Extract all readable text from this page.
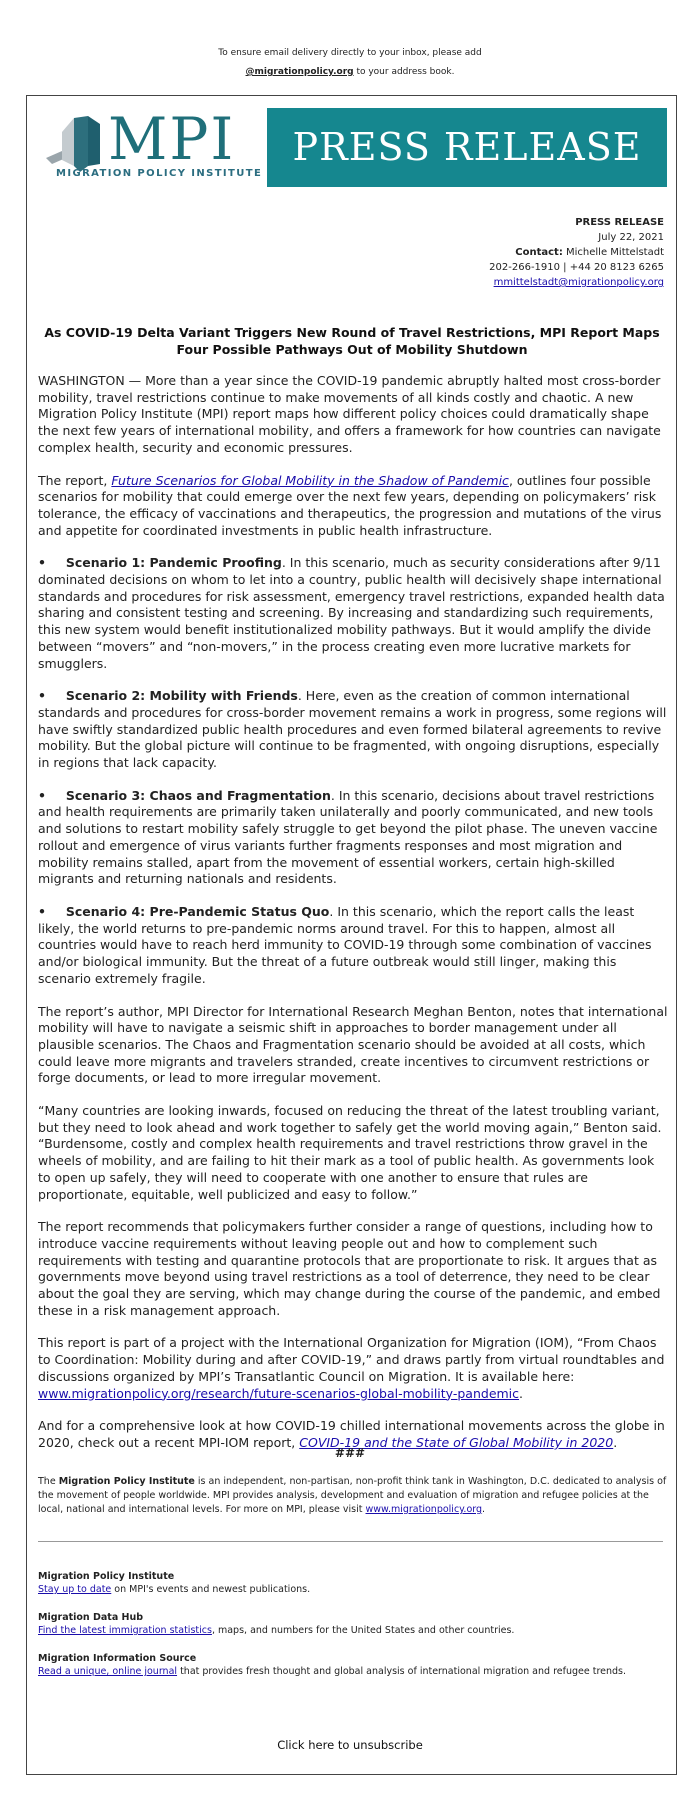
To ensure email delivery directly to your inbox, please add
@migrationpolicy.org to your address book.
MPI
MIGRATION POLICY INSTITUTE
PRESS RELEASE
PRESS RELEASE
July 22, 2021
Contact: Michelle Mittelstadt
202-266-1910 | +44 20 8123 6265
mmittelstadt@migrationpolicy.org
As COVID-19 Delta Variant Triggers New Round of Travel Restrictions, MPI Report Maps Four Possible Pathways Out of Mobility Shutdown

WASHINGTON — More than a year since the COVID-19 pandemic abruptly halted most cross-border mobility, travel restrictions continue to make movements of all kinds costly and chaotic. A new Migration Policy Institute (MPI) report maps how different policy choices could dramatically shape the next few years of international mobility, and offers a framework for how countries can navigate complex health, security and economic pressures.

The report, Future Scenarios for Global Mobility in the Shadow of Pandemic, outlines four possible scenarios for mobility that could emerge over the next few years, depending on policymakers’ risk tolerance, the efficacy of vaccinations and therapeutics, the progression and mutations of the virus and appetite for coordinated investments in public health infrastructure.

• Scenario 1: Pandemic Proofing. In this scenario, much as security considerations after 9/11 dominated decisions on whom to let into a country, public health will decisively shape international standards and procedures for risk assessment, emergency travel restrictions, expanded health data sharing and consistent testing and screening. By increasing and standardizing such requirements, this new system would benefit institutionalized mobility pathways. But it would amplify the divide between “movers” and “non-movers,” in the process creating even more lucrative markets for smugglers.

• Scenario 2: Mobility with Friends. Here, even as the creation of common international standards and procedures for cross-border movement remains a work in progress, some regions will have swiftly standardized public health procedures and even formed bilateral agreements to revive mobility. But the global picture will continue to be fragmented, with ongoing disruptions, especially in regions that lack capacity.

• Scenario 3: Chaos and Fragmentation. In this scenario, decisions about travel restrictions and health requirements are primarily taken unilaterally and poorly communicated, and new tools and solutions to restart mobility safely struggle to get beyond the pilot phase. The uneven vaccine rollout and emergence of virus variants further fragments responses and most migration and mobility remains stalled, apart from the movement of essential workers, certain high-skilled migrants and returning nationals and residents.

• Scenario 4: Pre-Pandemic Status Quo. In this scenario, which the report calls the least likely, the world returns to pre-pandemic norms around travel. For this to happen, almost all countries would have to reach herd immunity to COVID-19 through some combination of vaccines and/or biological immunity. But the threat of a future outbreak would still linger, making this scenario extremely fragile.

The report’s author, MPI Director for International Research Meghan Benton, notes that international mobility will have to navigate a seismic shift in approaches to border management under all plausible scenarios. The Chaos and Fragmentation scenario should be avoided at all costs, which could leave more migrants and travelers stranded, create incentives to circumvent restrictions or forge documents, or lead to more irregular movement.

“Many countries are looking inwards, focused on reducing the threat of the latest troubling variant, but they need to look ahead and work together to safely get the world moving again,” Benton said. “Burdensome, costly and complex health requirements and travel restrictions throw gravel in the wheels of mobility, and are failing to hit their mark as a tool of public health. As governments look to open up safely, they will need to cooperate with one another to ensure that rules are proportionate, equitable, well publicized and easy to follow.”

The report recommends that policymakers further consider a range of questions, including how to introduce vaccine requirements without leaving people out and how to complement such requirements with testing and quarantine protocols that are proportionate to risk. It argues that as governments move beyond using travel restrictions as a tool of deterrence, they need to be clear about the goal they are serving, which may change during the course of the pandemic, and embed these in a risk management approach.

This report is part of a project with the International Organization for Migration (IOM), “From Chaos to Coordination: Mobility during and after COVID-19,” and draws partly from virtual roundtables and discussions organized by MPI’s Transatlantic Council on Migration. It is available here: www.migrationpolicy.org/research/future-scenarios-global-mobility-pandemic.

And for a comprehensive look at how COVID-19 chilled international movements across the globe in 2020, check out a recent MPI-IOM report, COVID-19 and the State of Global Mobility in 2020.

###
The Migration Policy Institute is an independent, non-partisan, non-profit think tank in Washington, D.C. dedicated to analysis of the movement of people worldwide. MPI provides analysis, development and evaluation of migration and refugee policies at the local, national and international levels. For more on MPI, please visit www.migrationpolicy.org.
Migration Policy Institute
Stay up to date on MPI's events and newest publications.
Migration Data Hub
Find the latest immigration statistics, maps, and numbers for the United States and other countries.
Migration Information Source
Read a unique, online journal that provides fresh thought and global analysis of international migration and refugee trends.
Click here to unsubscribe
